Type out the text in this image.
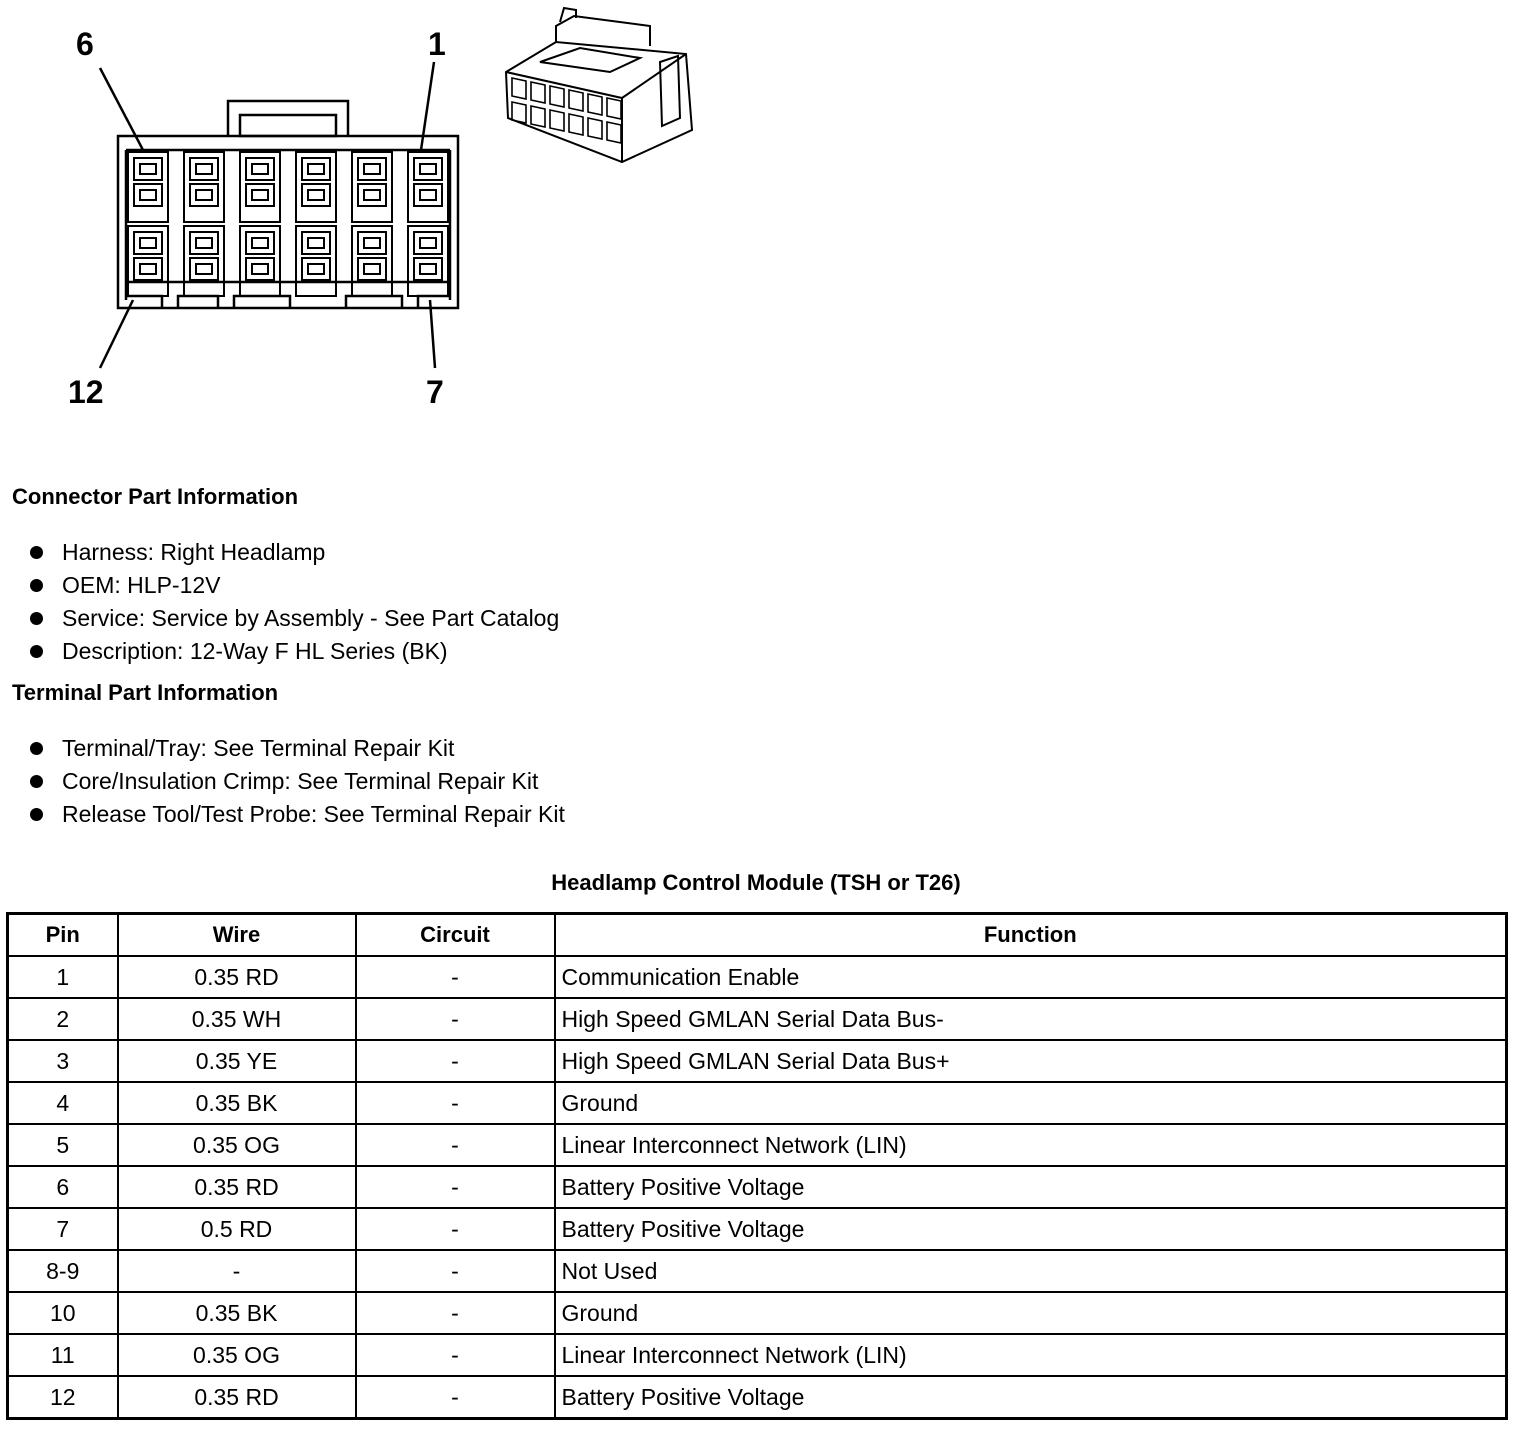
6	1
12	7
Connector Part Information
Harness: Right Headlamp
OEM: HLP-12V
Service: Service by Assembly - See Part Catalog
Description: 12-Way F HL Series (BK)
Terminal Part Information
Terminal/Tray: See Terminal Repair Kit
Core/Insulation Crimp: See Terminal Repair Kit
Release Tool/Test Probe: See Terminal Repair Kit
Headlamp Control Module (TSH or T26)
Pin	Wire	Circuit	Function
1	0.35 RD	-	Communication Enable
2	0.35 WH	-	High Speed GMLAN Serial Data Bus-
3	0.35 YE	-	High Speed GMLAN Serial Data Bus+
4	0.35 BK	-	Ground
5	0.35 OG	-	Linear Interconnect Network (LIN)
6	0.35 RD	-	Battery Positive Voltage
7	0.5 RD	-	Battery Positive Voltage
8-9	-	-	Not Used
10	0.35 BK	-	Ground
11	0.35 OG	-	Linear Interconnect Network (LIN)
12	0.35 RD	-	Battery Positive Voltage
